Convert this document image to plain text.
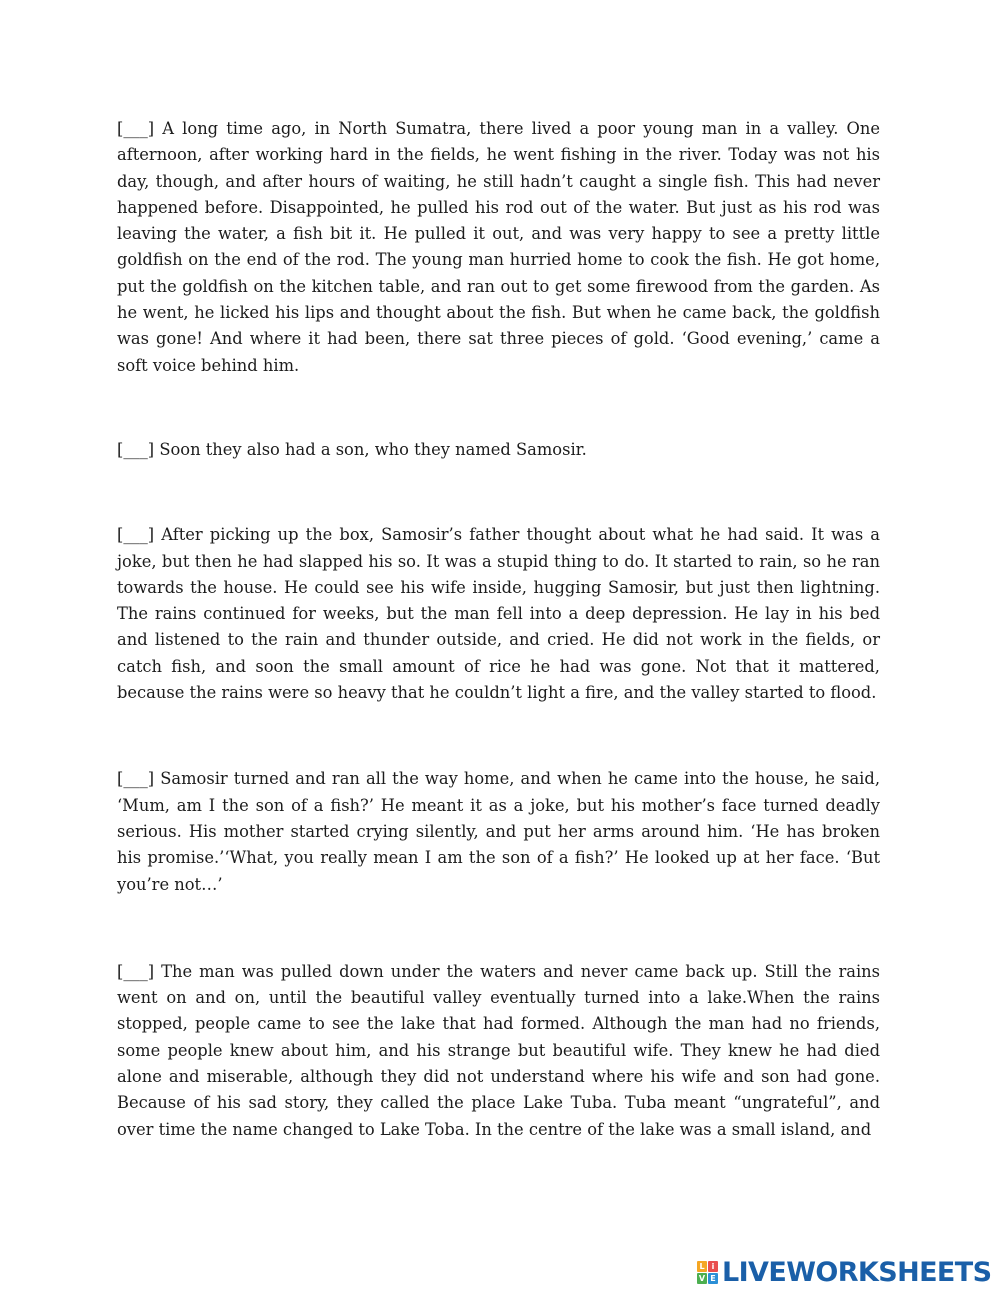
[___] A long time ago, in North Sumatra, there lived a poor young man in a valley. One afternoon, after working hard in the fields, he went fishing in the river. Today was not his day, though, and after hours of waiting, he still hadn’t caught a single fish. This had never happened before. Disappointed, he pulled his rod out of the water. But just as his rod was leaving the water, a fish bit it. He pulled it out, and was very happy to see a pretty little goldfish on the end of the rod. The young man hurried home to cook the fish. He got home, put the goldfish on the kitchen table, and ran out to get some firewood from the garden. As he went, he licked his lips and thought about the fish. But when he came back, the goldfish was gone! And where it had been, there sat three pieces of gold. ‘Good evening,’ came a soft voice behind him.

[___] Soon they also had a son, who they named Samosir.

[___] After picking up the box, Samosir’s father thought about what he had said. It was a joke, but then he had slapped his so. It was a stupid thing to do. It started to rain, so he ran towards the house. He could see his wife inside, hugging Samosir, but just then lightning. The rains continued for weeks, but the man fell into a deep depression. He lay in his bed and listened to the rain and thunder outside, and cried. He did not work in the fields, or catch fish, and soon the small amount of rice he had was gone. Not that it mattered, because the rains were so heavy that he couldn’t light a fire, and the valley started to flood.

[___] Samosir turned and ran all the way home, and when he came into the house, he said, ‘Mum, am I the son of a fish?’ He meant it as a joke, but his mother’s face turned deadly serious. His mother started crying silently, and put her arms around him. ‘He has broken his promise.’‘What, you really mean I am the son of a fish?’ He looked up at her face. ‘But you’re not…’

[___] The man was pulled down under the waters and never came back up. Still the rains went on and on, until the beautiful valley eventually turned into a lake.When the rains stopped, people came to see the lake that had formed. Although the man had no friends, some people knew about him, and his strange but beautiful wife. They knew he had died alone and miserable, although they did not understand where his wife and son had gone. Because of his sad story, they called the place Lake Tuba. Tuba meant “ungrateful”, and over time the name changed to Lake Toba. In the centre of the lake was a small island, and

L i
V E LIVEWORKSHEETS
